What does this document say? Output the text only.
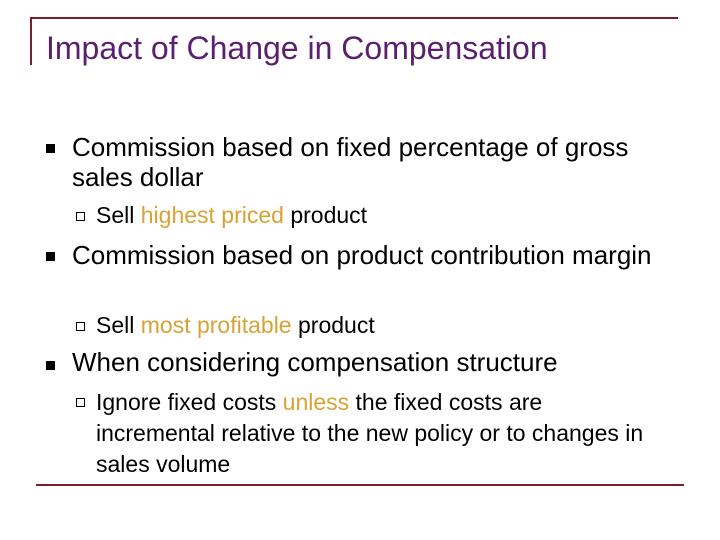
Impact of Change in Compensation
Commission based on fixed percentage of gross sales dollar
Sell highest priced product
Commission based on product contribution margin
Sell most profitable product
When considering compensation structure
Ignore fixed costs unless the fixed costs are incremental relative to the new policy or to changes in sales volume
